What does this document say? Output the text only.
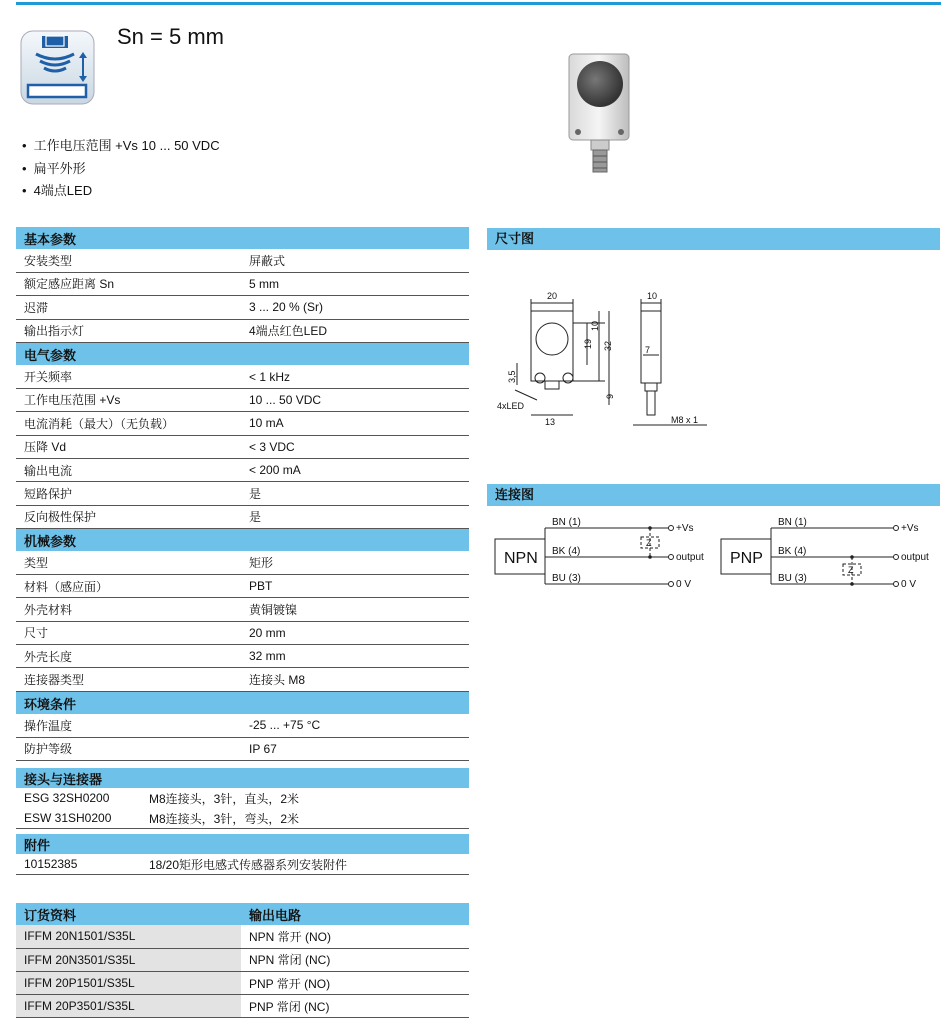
Sn = 5 mm
• 工作电压范围 +Vs 10 ... 50 VDC
• 扁平外形
• 4端点LED
基本参数	
安装类型	屏蔽式
额定感应距离 Sn	5 mm
迟滞	3 ... 20 % (Sr)
输出指示灯	4端点红色LED
电气参数	
开关频率	< 1 kHz
工作电压范围 +Vs	10 ... 50 VDC
电流消耗（最大）（无负载）	10 mA
压降 Vd	< 3 VDC
输出电流	< 200 mA
短路保护	是
反向极性保护	是
机械参数	
类型	矩形
材料（感应面）	PBT
外壳材料	黄铜镀镍
尺寸	20 mm
外壳长度	32 mm
连接器类型	连接头 M8
环境条件	
操作温度	-25 ... +75 °C
防护等级	IP 67
接头与连接器	
ESG 32SH0200	M8连接头，3针，直头，2米
ESW 31SH0200	M8连接头，3针，弯头，2米
附件
10152385	18/20矩形电感式传感器系列安装附件
订货资料	输出电路
IFFM 20N1501/S35L	NPN 常开 (NO)
IFFM 20N3501/S35L	NPN 常闭 (NC)
IFFM 20P1501/S35L	PNP 常开 (NO)
IFFM 20P3501/S35L	PNP 常闭 (NC)
尺寸图
20	10
10
19 32	7
3,5
9
13
4xLED
M8 x 1
连接图
NPN
BN (1)
BK (4)
BU (3)
Z
+Vs
output
0 V
PNP
BN (1)
BK (4)
BU (3)
Z
+Vs
output
0 V
